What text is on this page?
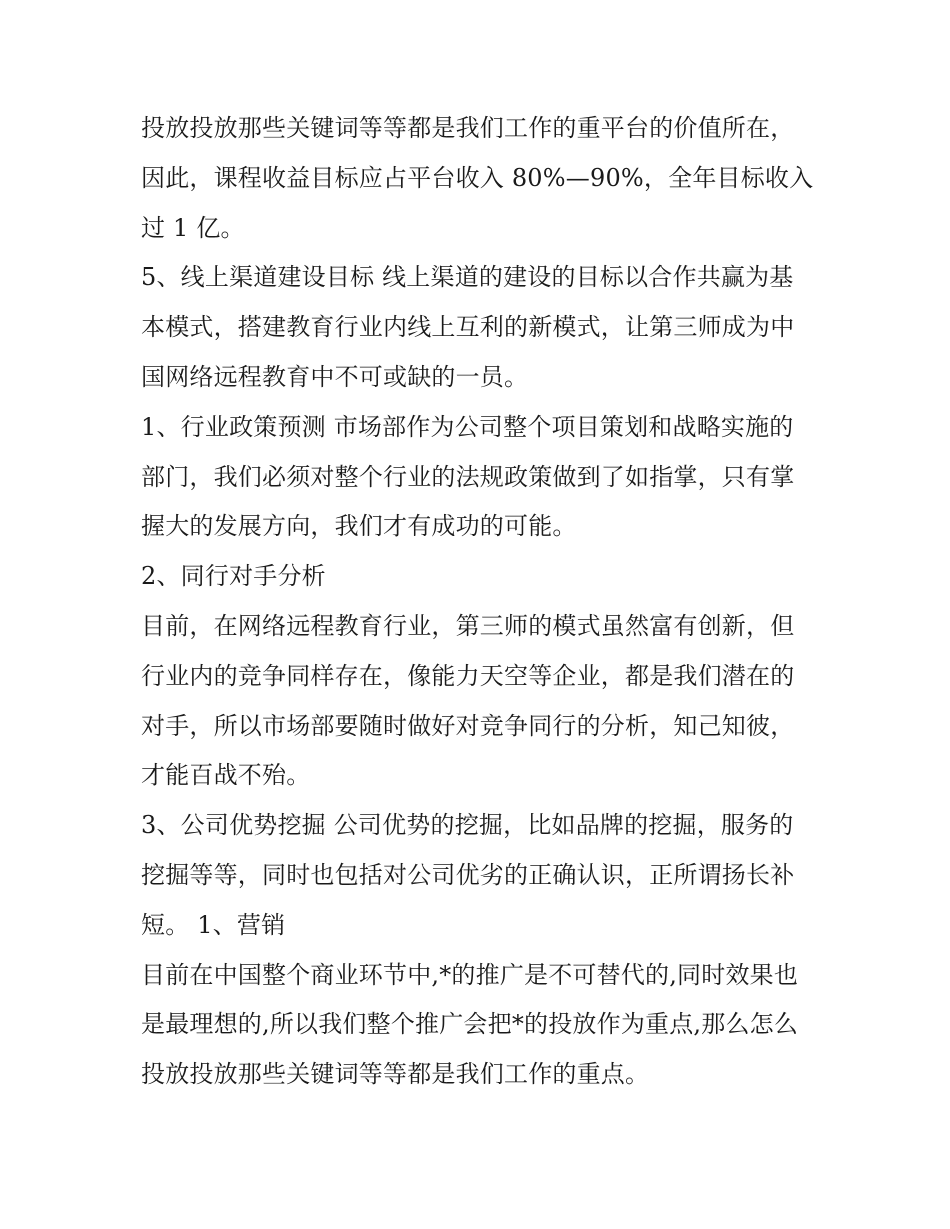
投放投放那些关键词等等都是我们工作的重平台的价值所在，
因此，课程收益目标应占平台收入 80%—90%，全年目标收入
过 1 亿。
5、线上渠道建设目标 线上渠道的建设的目标以合作共赢为基
本模式，搭建教育行业内线上互利的新模式，让第三师成为中
国网络远程教育中不可或缺的一员。
1、行业政策预测 市场部作为公司整个项目策划和战略实施的
部门，我们必须对整个行业的法规政策做到了如指掌，只有掌
握大的发展方向，我们才有成功的可能。
2、同行对手分析
目前，在网络远程教育行业，第三师的模式虽然富有创新，但
行业内的竞争同样存在，像能力天空等企业，都是我们潜在的
对手，所以市场部要随时做好对竞争同行的分析，知己知彼，
才能百战不殆。
3、公司优势挖掘 公司优势的挖掘，比如品牌的挖掘，服务的
挖掘等等，同时也包括对公司优劣的正确认识，正所谓扬长补
短。 1、营销
目前在中国整个商业环节中,*的推广是不可替代的,同时效果也
是最理想的,所以我们整个推广会把*的投放作为重点,那么怎么
投放投放那些关键词等等都是我们工作的重点。
